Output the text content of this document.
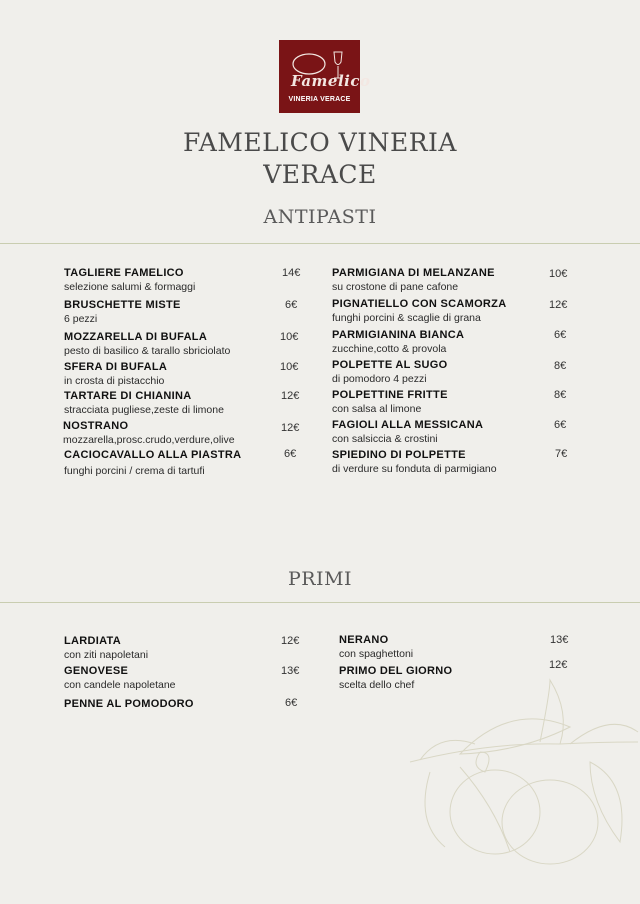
Famelico
VINERIA VERACE
FAMELICO VINERIA
VERACE
ANTIPASTI
TAGLIERE FAMELICO
selezione salumi & formaggi
14€
BRUSCHETTE MISTE
6 pezzi
6€
MOZZARELLA DI BUFALA
pesto di basilico & tarallo sbriciolato
10€
SFERA DI BUFALA
in crosta di pistacchio
10€
TARTARE DI CHIANINA
stracciata pugliese,zeste di limone
12€
NOSTRANO
mozzarella,prosc.crudo,verdure,olive
12€
CACIOCAVALLO ALLA PIASTRA
funghi porcini / crema di tartufi
6€
PARMIGIANA DI MELANZANE
su crostone di pane cafone
10€
PIGNATIELLO CON SCAMORZA
funghi porcini & scaglie di grana
12€
PARMIGIANINA BIANCA
zucchine,cotto & provola
6€
POLPETTE AL SUGO
di pomodoro 4 pezzi
8€
POLPETTINE FRITTE
con salsa al limone
8€
FAGIOLI ALLA MESSICANA
con salsiccia & crostini
6€
SPIEDINO DI POLPETTE
di verdure su fonduta di parmigiano
7€
PRIMI
LARDIATA
con ziti napoletani
12€
GENOVESE
con candele napoletane
13€
PENNE AL POMODORO	6€
NERANO
con spaghettoni
13€
PRIMO DEL GIORNO
scelta dello chef
12€
